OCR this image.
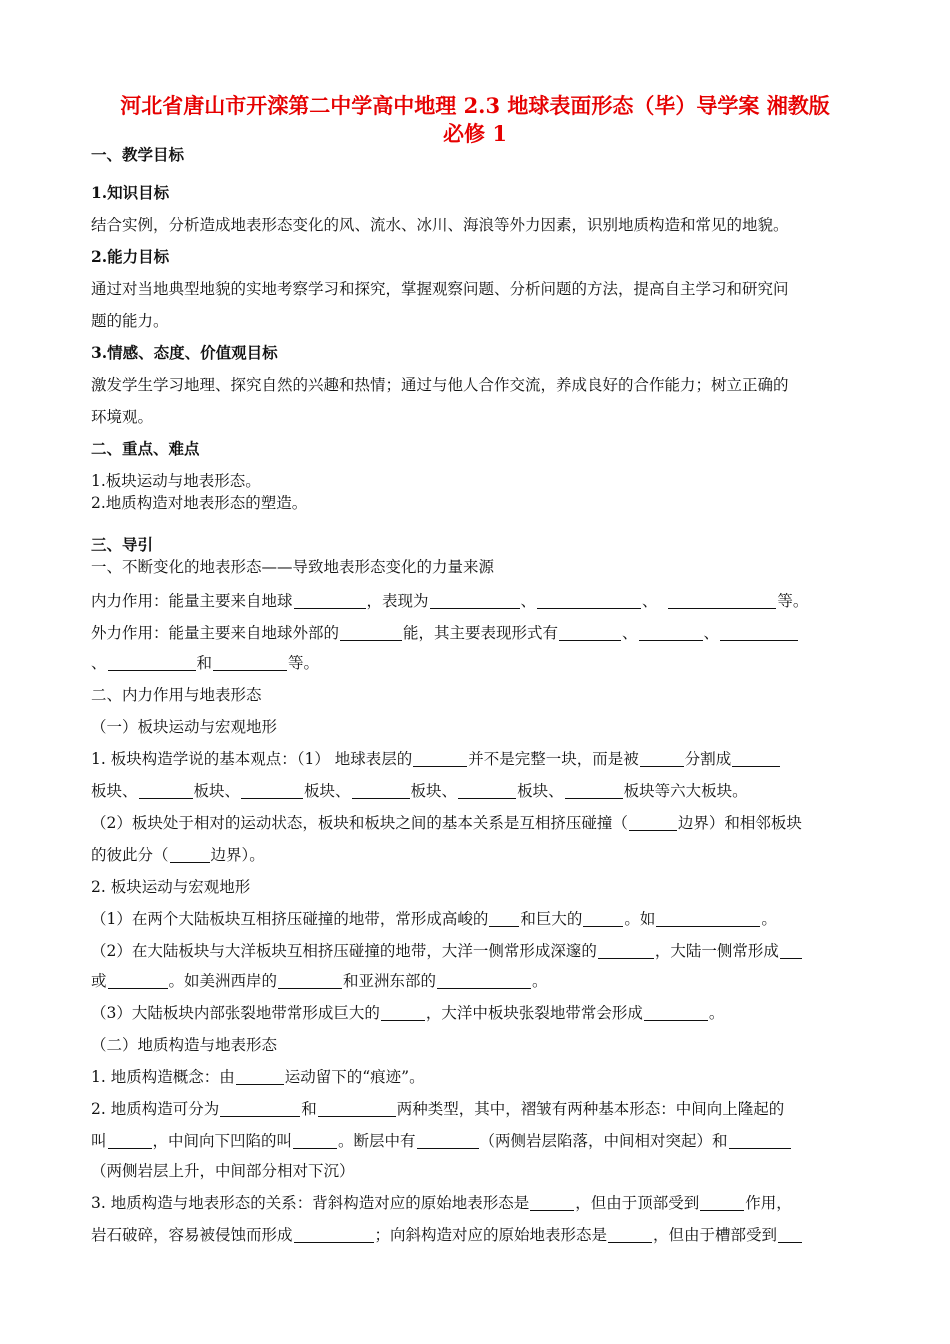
河北省唐山市开滦第二中学高中地理 2.3 地球表面形态（毕）导学案 湘教版
必修 1
一、教学目标
1.知识目标
结合实例，分析造成地表形态变化的风、流水、冰川、海浪等外力因素，识别地质构造和常见的地貌。
2.能力目标
通过对当地典型地貌的实地考察学习和探究，掌握观察问题、分析问题的方法，提高自主学习和研究问
题的能力。
3.情感、态度、价值观目标
激发学生学习地理、探究自然的兴趣和热情；通过与他人合作交流，养成良好的合作能力；树立正确的
环境观。
二、重点、难点
1.板块运动与地表形态。
2.地质构造对地表形态的塑造。
三、导引
一、不断变化的地表形态——导致地表形态变化的力量来源
内力作用：能量主要来自地球	，表现为	、	、	等。
外力作用：能量主要来自地球外部的	能，其主要表现形式有	、	、
、	和	等。
二、内力作用与地表形态
（一）板块运动与宏观地形
1. 板块构造学说的基本观点：（1） 地球表层的	并不是完整一块，而是被	分割成
板块、	板块、	板块、	板块、	板块、	板块等六大板块。
（2）板块处于相对的运动状态，板块和板块之间的基本关系是互相挤压碰撞（	边界）和相邻板块
的彼此分（	边界）。
2. 板块运动与宏观地形
（1）在两个大陆板块互相挤压碰撞的地带，常形成高峻的 和巨大的	。如	。
（2）在大陆板块与大洋板块互相挤压碰撞的地带，大洋一侧常形成深邃的	，大陆一侧常形成
或	。如美洲西岸的	和亚洲东部的	。
（3）大陆板块内部张裂地带常形成巨大的	，大洋中板块张裂地带常会形成	。
（二）地质构造与地表形态
1. 地质构造概念：由	运动留下的“痕迹”。
2. 地质构造可分为	和	两种类型，其中，褶皱有两种基本形态：中间向上隆起的
叫	，中间向下凹陷的叫	。断层中有	（两侧岩层陷落，中间相对突起）和
（两侧岩层上升，中间部分相对下沉）
3. 地质构造与地表形态的关系：背斜构造对应的原始地表形态是	，但由于顶部受到	作用，
岩石破碎，容易被侵蚀而形成	；向斜构造对应的原始地表形态是	，但由于槽部受到
